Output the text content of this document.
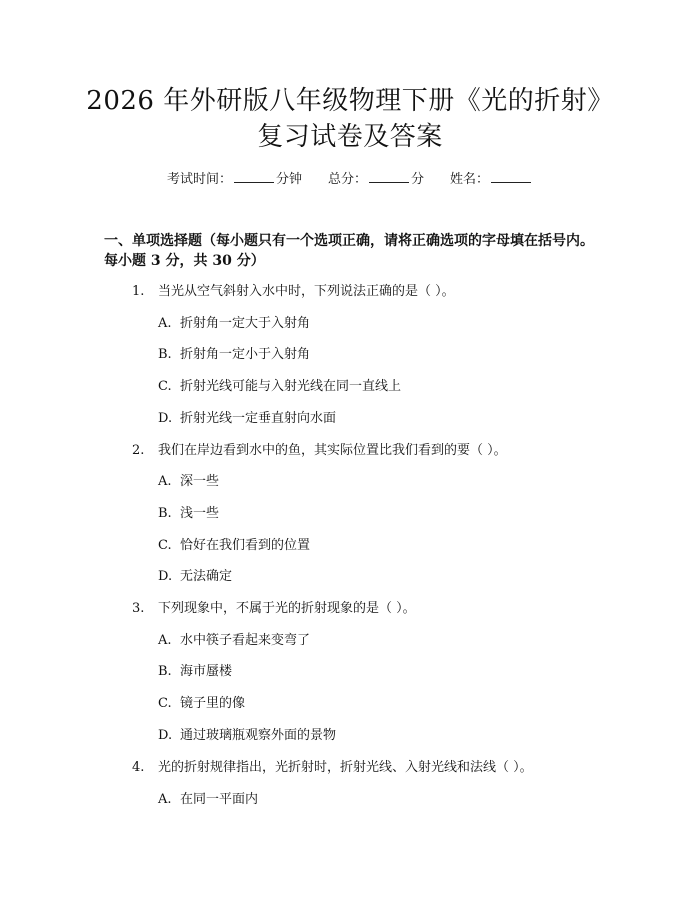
2026 年外研版八年级物理下册《光的折射》
复习试卷及答案
考试时间：	分钟 总分：	分 姓名：
一、单项选择题（每小题只有一个选项正确，请将正确选项的字母填在括号内。
每小题 3 分，共 30 分）
1. 当光从空气斜射入水中时，下列说法正确的是（ ）。
A. 折射角一定大于入射角
B. 折射角一定小于入射角
C. 折射光线可能与入射光线在同一直线上
D. 折射光线一定垂直射向水面
2. 我们在岸边看到水中的鱼，其实际位置比我们看到的要（ ）。
A. 深一些
B. 浅一些
C. 恰好在我们看到的位置
D. 无法确定
3. 下列现象中，不属于光的折射现象的是（ ）。
A. 水中筷子看起来变弯了
B. 海市蜃楼
C. 镜子里的像
D. 通过玻璃瓶观察外面的景物
4. 光的折射规律指出，光折射时，折射光线、入射光线和法线（ ）。
A. 在同一平面内
